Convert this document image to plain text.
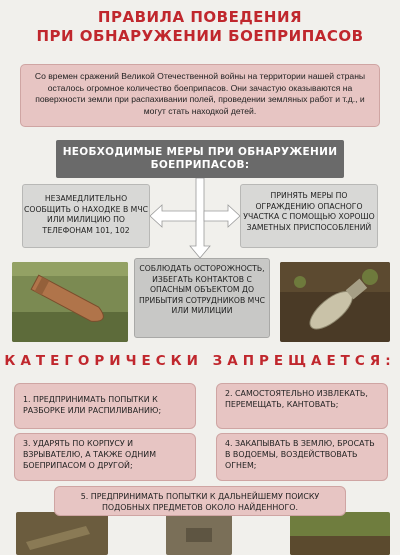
ПРАВИЛА ПОВЕДЕНИЯ
ПРИ ОБНАРУЖЕНИИ БОЕПРИПАСОВ
Со времен сражений Великой Отечественной войны на территории нашей страны осталось огромное количество боеприпасов. Они зачастую оказываются на поверхности земли при распахивании полей, проведении земляных работ и т.д., и могут стать находкой детей.
НЕОБХОДИМЫЕ МЕРЫ ПРИ ОБНАРУЖЕНИИ
БОЕПРИПАСОВ:
НЕЗАМЕДЛИТЕЛЬНО СООБЩИТЬ О НАХОДКЕ В МЧС ИЛИ МИЛИЦИЮ ПО ТЕЛЕФОНАМ 101, 102
ПРИНЯТЬ МЕРЫ ПО ОГРАЖДЕНИЮ ОПАСНОГО УЧАСТКА С ПОМОЩЬЮ ХОРОШО ЗАМЕТНЫХ ПРИСПОСОБЛЕНИЙ
СОБЛЮДАТЬ ОСТОРОЖНОСТЬ, ИЗБЕГАТЬ КОНТАКТОВ С ОПАСНЫМ ОБЪЕКТОМ ДО ПРИБЫТИЯ СОТРУДНИКОВ МЧС ИЛИ МИЛИЦИИ
КАТЕГОРИЧЕСКИ ЗАПРЕЩАЕТСЯ:
1. ПРЕДПРИНИМАТЬ ПОПЫТКИ К РАЗБОРКЕ ИЛИ РАСПИЛИВАНИЮ;
2. САМОСТОЯТЕЛЬНО ИЗВЛЕКАТЬ, ПЕРЕМЕЩАТЬ, КАНТОВАТЬ;
3. УДАРЯТЬ ПО КОРПУСУ И ВЗРЫВАТЕЛЮ, А ТАКЖЕ ОДНИМ БОЕПРИПАСОМ О ДРУГОЙ;
4. ЗАКАПЫВАТЬ В ЗЕМЛЮ, БРОСАТЬ В ВОДОЕМЫ, ВОЗДЕЙСТВОВАТЬ ОГНЕМ;
5. ПРЕДПРИНИМАТЬ ПОПЫТКИ К ДАЛЬНЕЙШЕМУ ПОИСКУ ПОДОБНЫХ ПРЕДМЕТОВ ОКОЛО НАЙДЕННОГО.
